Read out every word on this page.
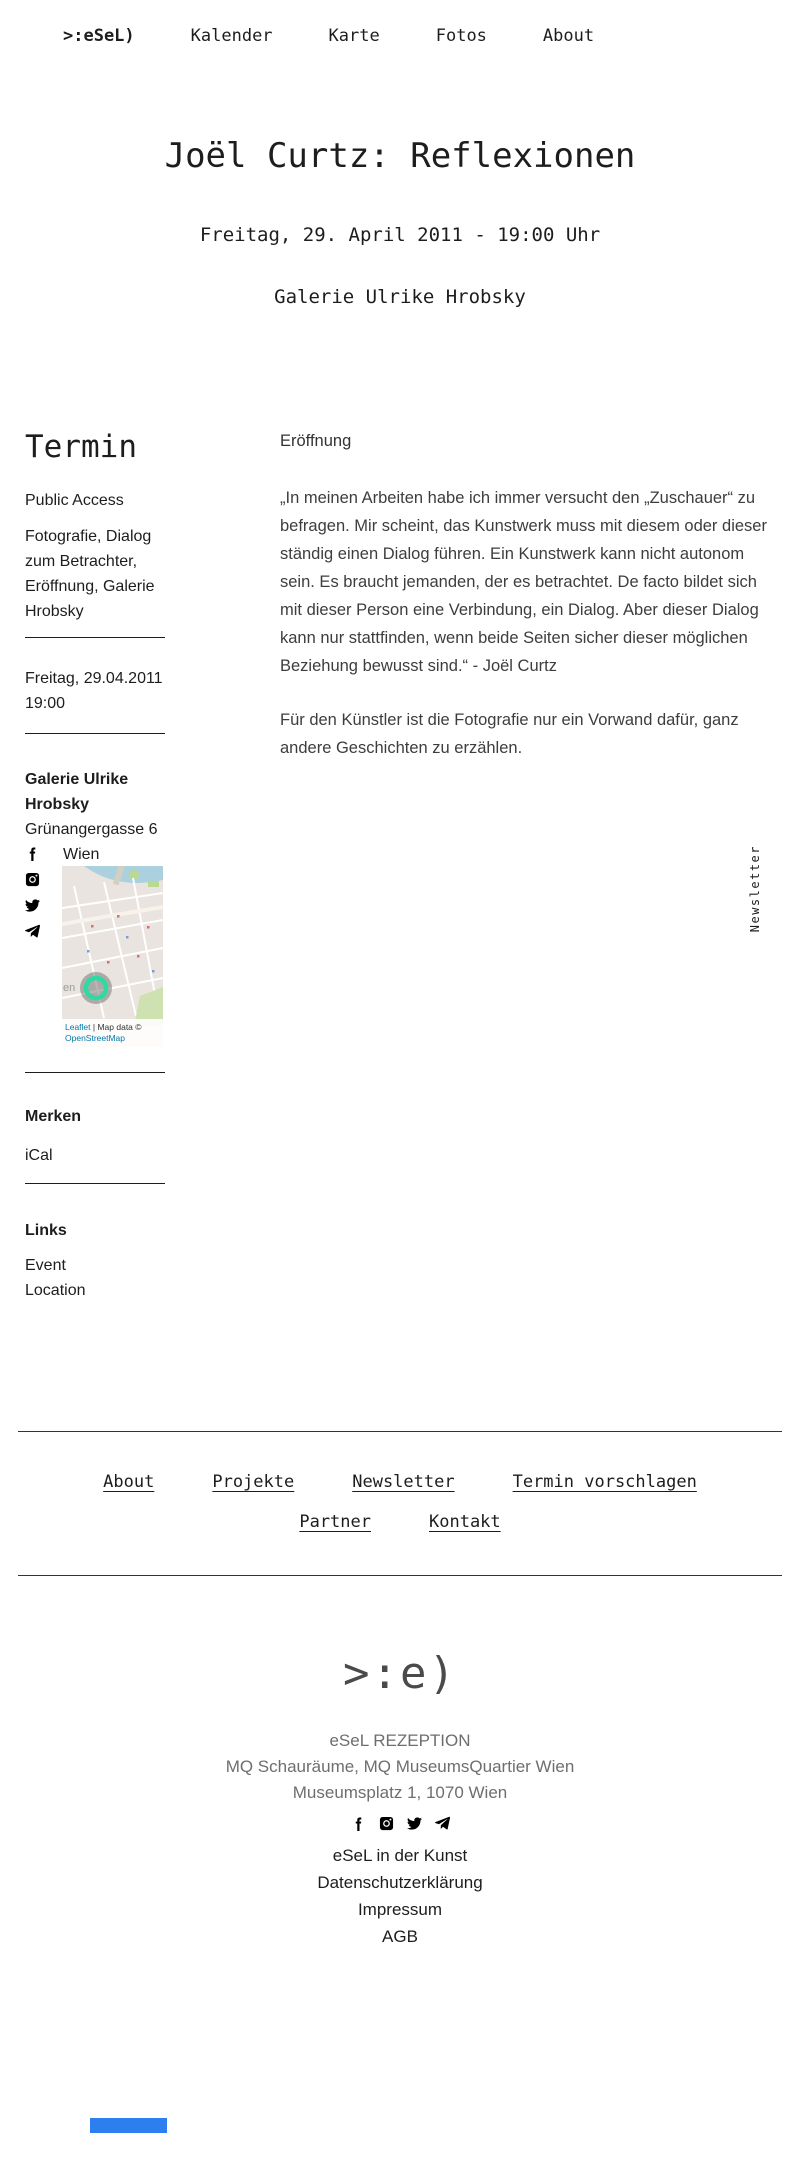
>:eSeL)	Kalender	Karte	Fotos	About
Joël Curtz: Reflexionen
Freitag, 29. April 2011 - 19:00 Uhr
Galerie Ulrike Hrobsky
Termin

Public Access

Fotografie, Dialog zum Betrachter, Eröffnung, Galerie Hrobsky

Freitag, 29.04.2011
19:00
Galerie Ulrike
Hrobsky
Grünangergasse 6
Wien
en
Leaflet | Map data © OpenStreetMap
Merken
iCal
Links
Event
Location
Eröffnung

„In meinen Arbeiten habe ich immer versucht den „Zuschauer“ zu befragen. Mir scheint, das Kunstwerk muss mit diesem oder dieser ständig einen Dialog führen. Ein Kunstwerk kann nicht autonom sein. Es braucht jemanden, der es betrachtet. De facto bildet sich mit dieser Person eine Verbindung, ein Dialog. Aber dieser Dialog kann nur stattfinden, wenn beide Seiten sicher dieser möglichen Beziehung bewusst sind.“ - Joël Curtz

Für den Künstler ist die Fotografie nur ein Vorwand dafür, ganz andere Geschichten zu erzählen.

Newsletter
About	Projekte	Newsletter	Termin vorschlagen
Partner	Kontakt
>:e)
eSeL REZEPTION
MQ Schauräume, MQ MuseumsQuartier Wien
Museumsplatz 1, 1070 Wien
eSeL in der Kunst
Datenschutzerklärung
Impressum
AGB
